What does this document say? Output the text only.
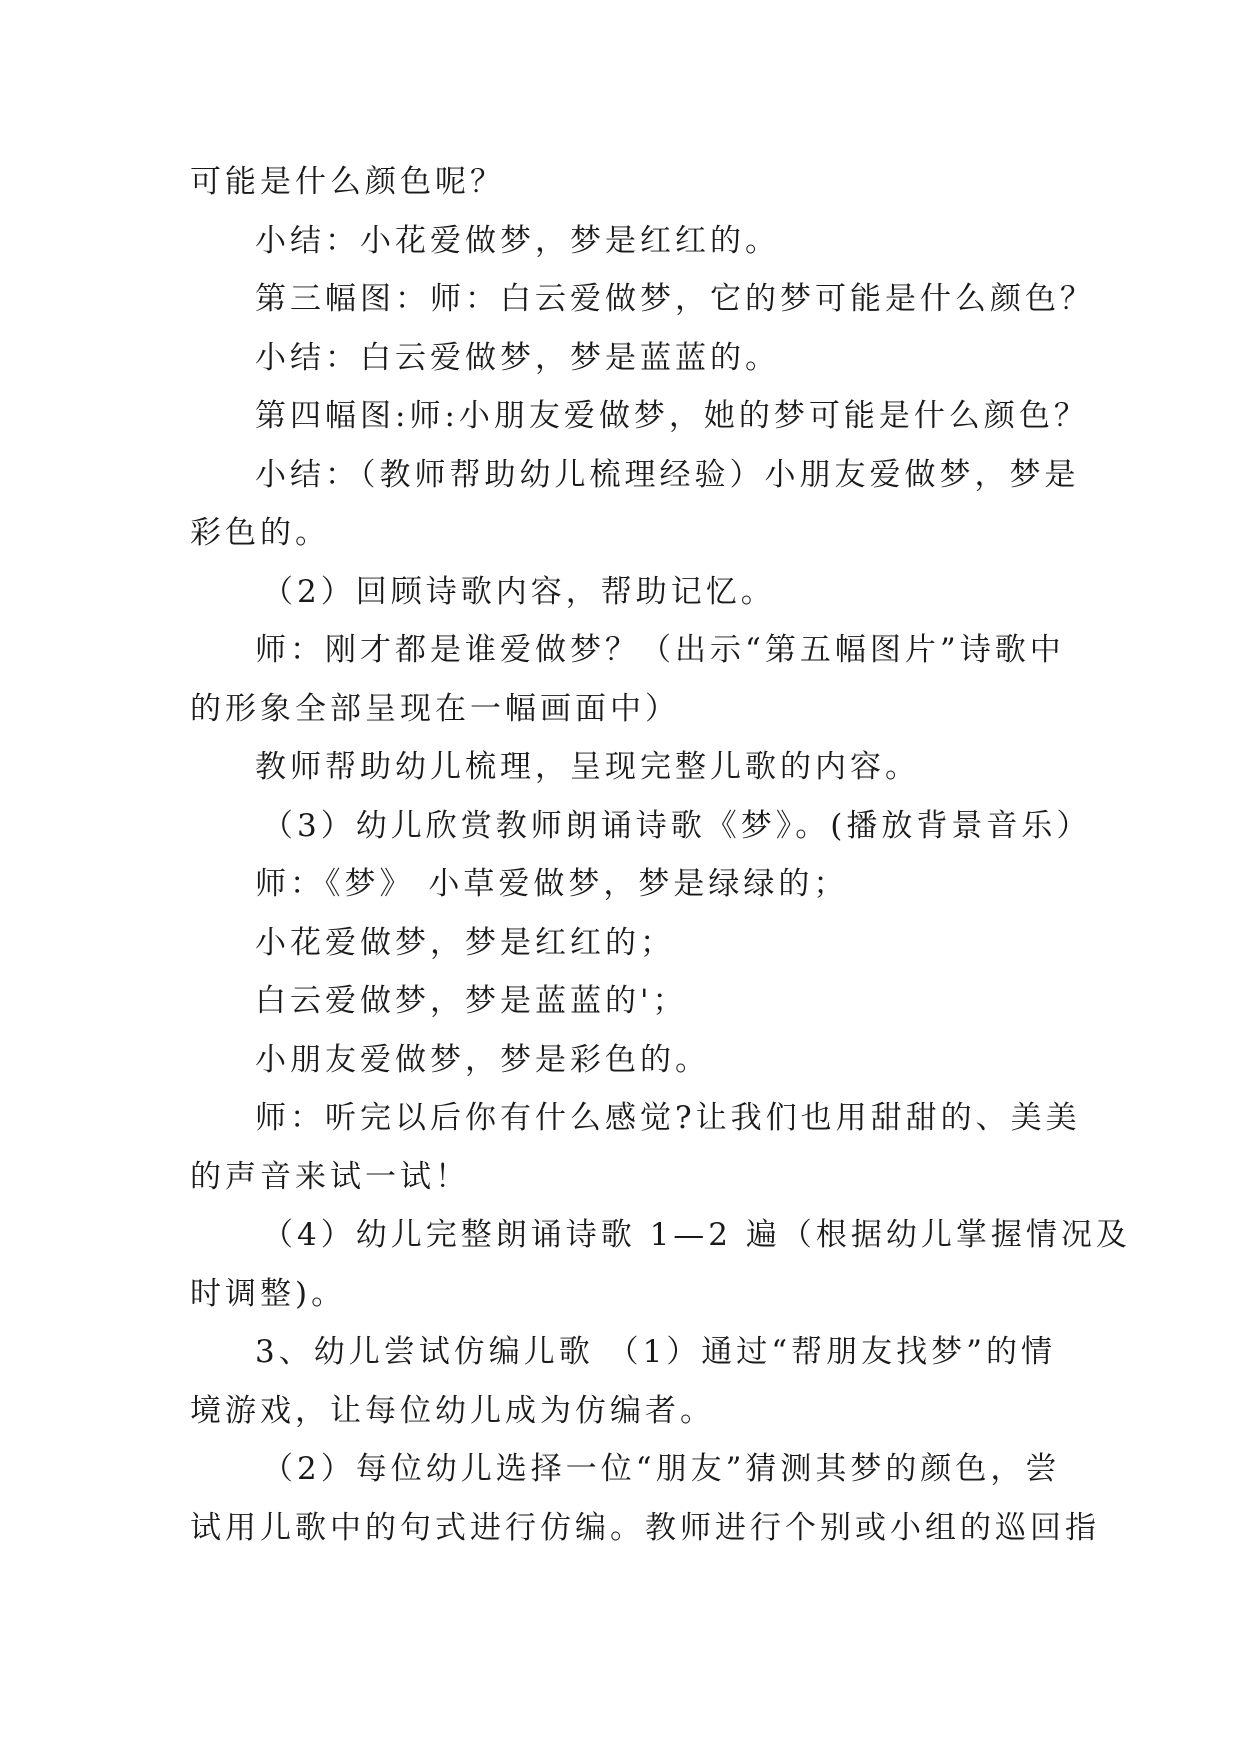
可能是什么颜色呢？
小结：小花爱做梦，梦是红红的。
第三幅图：师：白云爱做梦，它的梦可能是什么颜色？
小结：白云爱做梦，梦是蓝蓝的。
第四幅图:师:小朋友爱做梦，她的梦可能是什么颜色？
小结：（教师帮助幼儿梳理经验）小朋友爱做梦，梦是
彩色的。
（2）回顾诗歌内容，帮助记忆。
师：刚才都是谁爱做梦？（出示“第五幅图片”诗歌中
的形象全部呈现在一幅画面中）
教师帮助幼儿梳理，呈现完整儿歌的内容。
（3）幼儿欣赏教师朗诵诗歌《梦》。(播放背景音乐）
师：《梦》 小草爱做梦，梦是绿绿的；
小花爱做梦，梦是红红的；
白云爱做梦，梦是蓝蓝的'；
小朋友爱做梦，梦是彩色的。
师：听完以后你有什么感觉?让我们也用甜甜的、美美
的声音来试一试！
（4）幼儿完整朗诵诗歌 1—2 遍（根据幼儿掌握情况及
时调整)。
3、幼儿尝试仿编儿歌 （1）通过“帮朋友找梦”的情
境游戏，让每位幼儿成为仿编者。
（2）每位幼儿选择一位“朋友”猜测其梦的颜色，尝
试用儿歌中的句式进行仿编。教师进行个别或小组的巡回指
